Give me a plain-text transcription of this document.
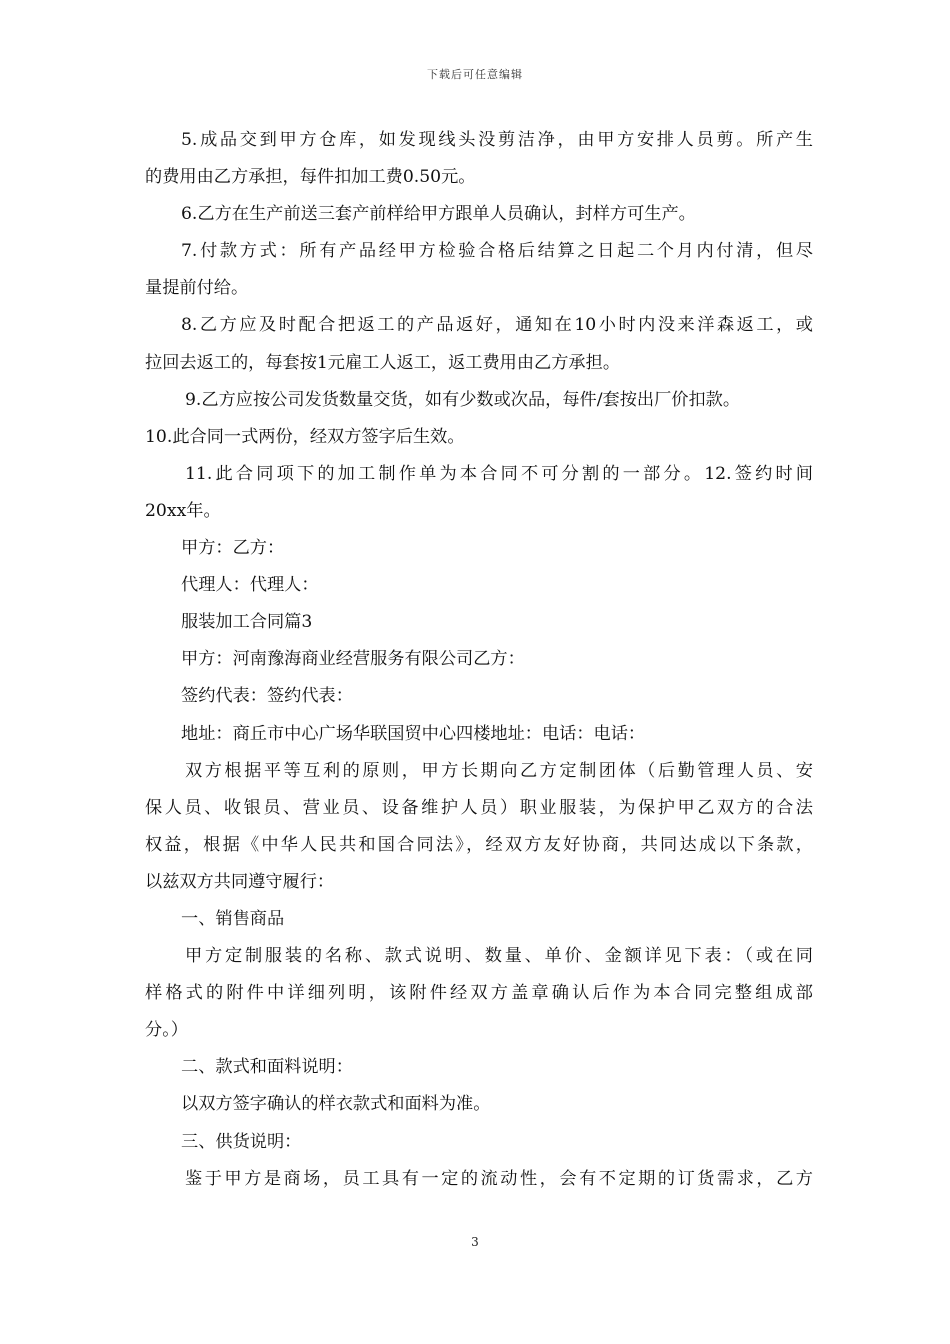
下载后可任意编辑
5.成品交到甲方仓库，如发现线头没剪洁净，由甲方安排人员剪。所产生
的费用由乙方承担，每件扣加工费0.50元。
6.乙方在生产前送三套产前样给甲方跟单人员确认，封样方可生产。
7.付款方式：所有产品经甲方检验合格后结算之日起二个月内付清，但尽
量提前付给。
8.乙方应及时配合把返工的产品返好，通知在10小时内没来洋森返工，或
拉回去返工的，每套按1元雇工人返工，返工费用由乙方承担。
9.乙方应按公司发货数量交货，如有少数或次品，每件/套按出厂价扣款。
10.此合同一式两份，经双方签字后生效。
11.此合同项下的加工制作单为本合同不可分割的一部分。12.签约时间
20xx年。
甲方：乙方：
代理人：代理人：
服装加工合同篇3
甲方：河南豫海商业经营服务有限公司乙方：
签约代表：签约代表：
地址：商丘市中心广场华联国贸中心四楼地址：电话：电话：
双方根据平等互利的原则，甲方长期向乙方定制团体（后勤管理人员、安
保人员、收银员、营业员、设备维护人员）职业服装，为保护甲乙双方的合法
权益，根据《中华人民共和国合同法》，经双方友好协商，共同达成以下条款，
以兹双方共同遵守履行：
一、销售商品
甲方定制服装的名称、款式说明、数量、单价、金额详见下表：（或在同
样格式的附件中详细列明，该附件经双方盖章确认后作为本合同完整组成部
分。）
二、款式和面料说明：
以双方签字确认的样衣款式和面料为准。
三、供货说明：
鉴于甲方是商场，员工具有一定的流动性，会有不定期的订货需求，乙方
3
